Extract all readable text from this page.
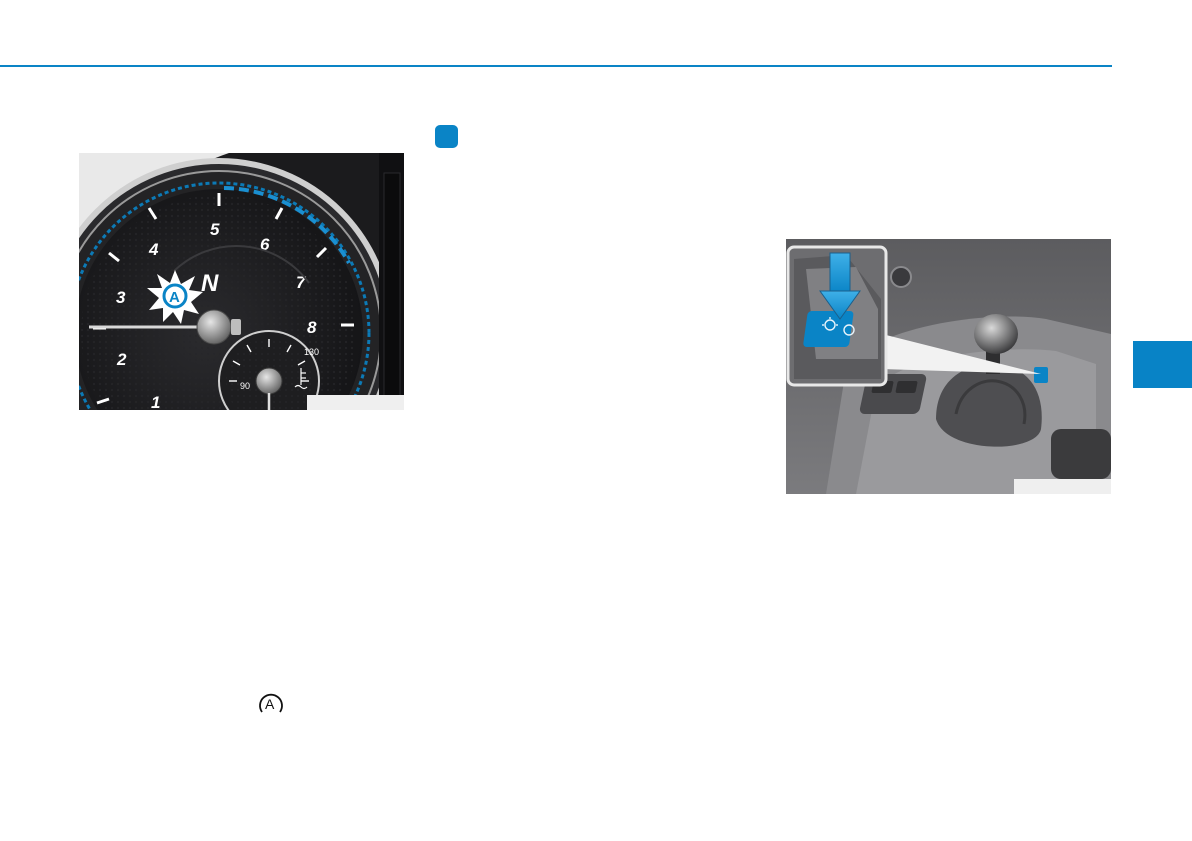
1
2
3
4
5
6
7
8
N
A
90
130
A
